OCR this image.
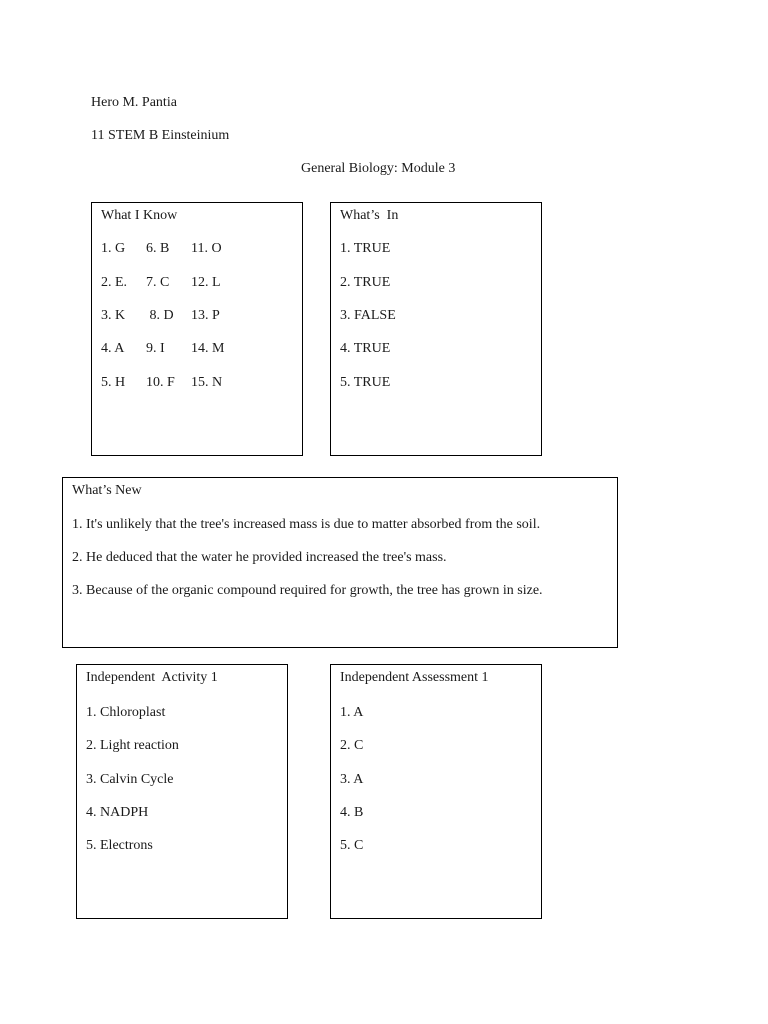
Hero M. Pantia
11 STEM B Einsteinium
General Biology: Module 3
What I Know
1. G 6. B 11. O
2. E. 7. C 12. L
3. K 8. D 13. P
4. A 9. I 14. M
5. H 10. F 15. N
What’s  In
1. TRUE
2. TRUE
3. FALSE
4. TRUE
5. TRUE
What’s New
1. It's unlikely that the tree's increased mass is due to matter absorbed from the soil.
2. He deduced that the water he provided increased the tree's mass.
3. Because of the organic compound required for growth, the tree has grown in size.
Independent  Activity 1
1. Chloroplast
2. Light reaction
3. Calvin Cycle
4. NADPH
5. Electrons
Independent Assessment 1
1. A
2. C
3. A
4. B
5. C
